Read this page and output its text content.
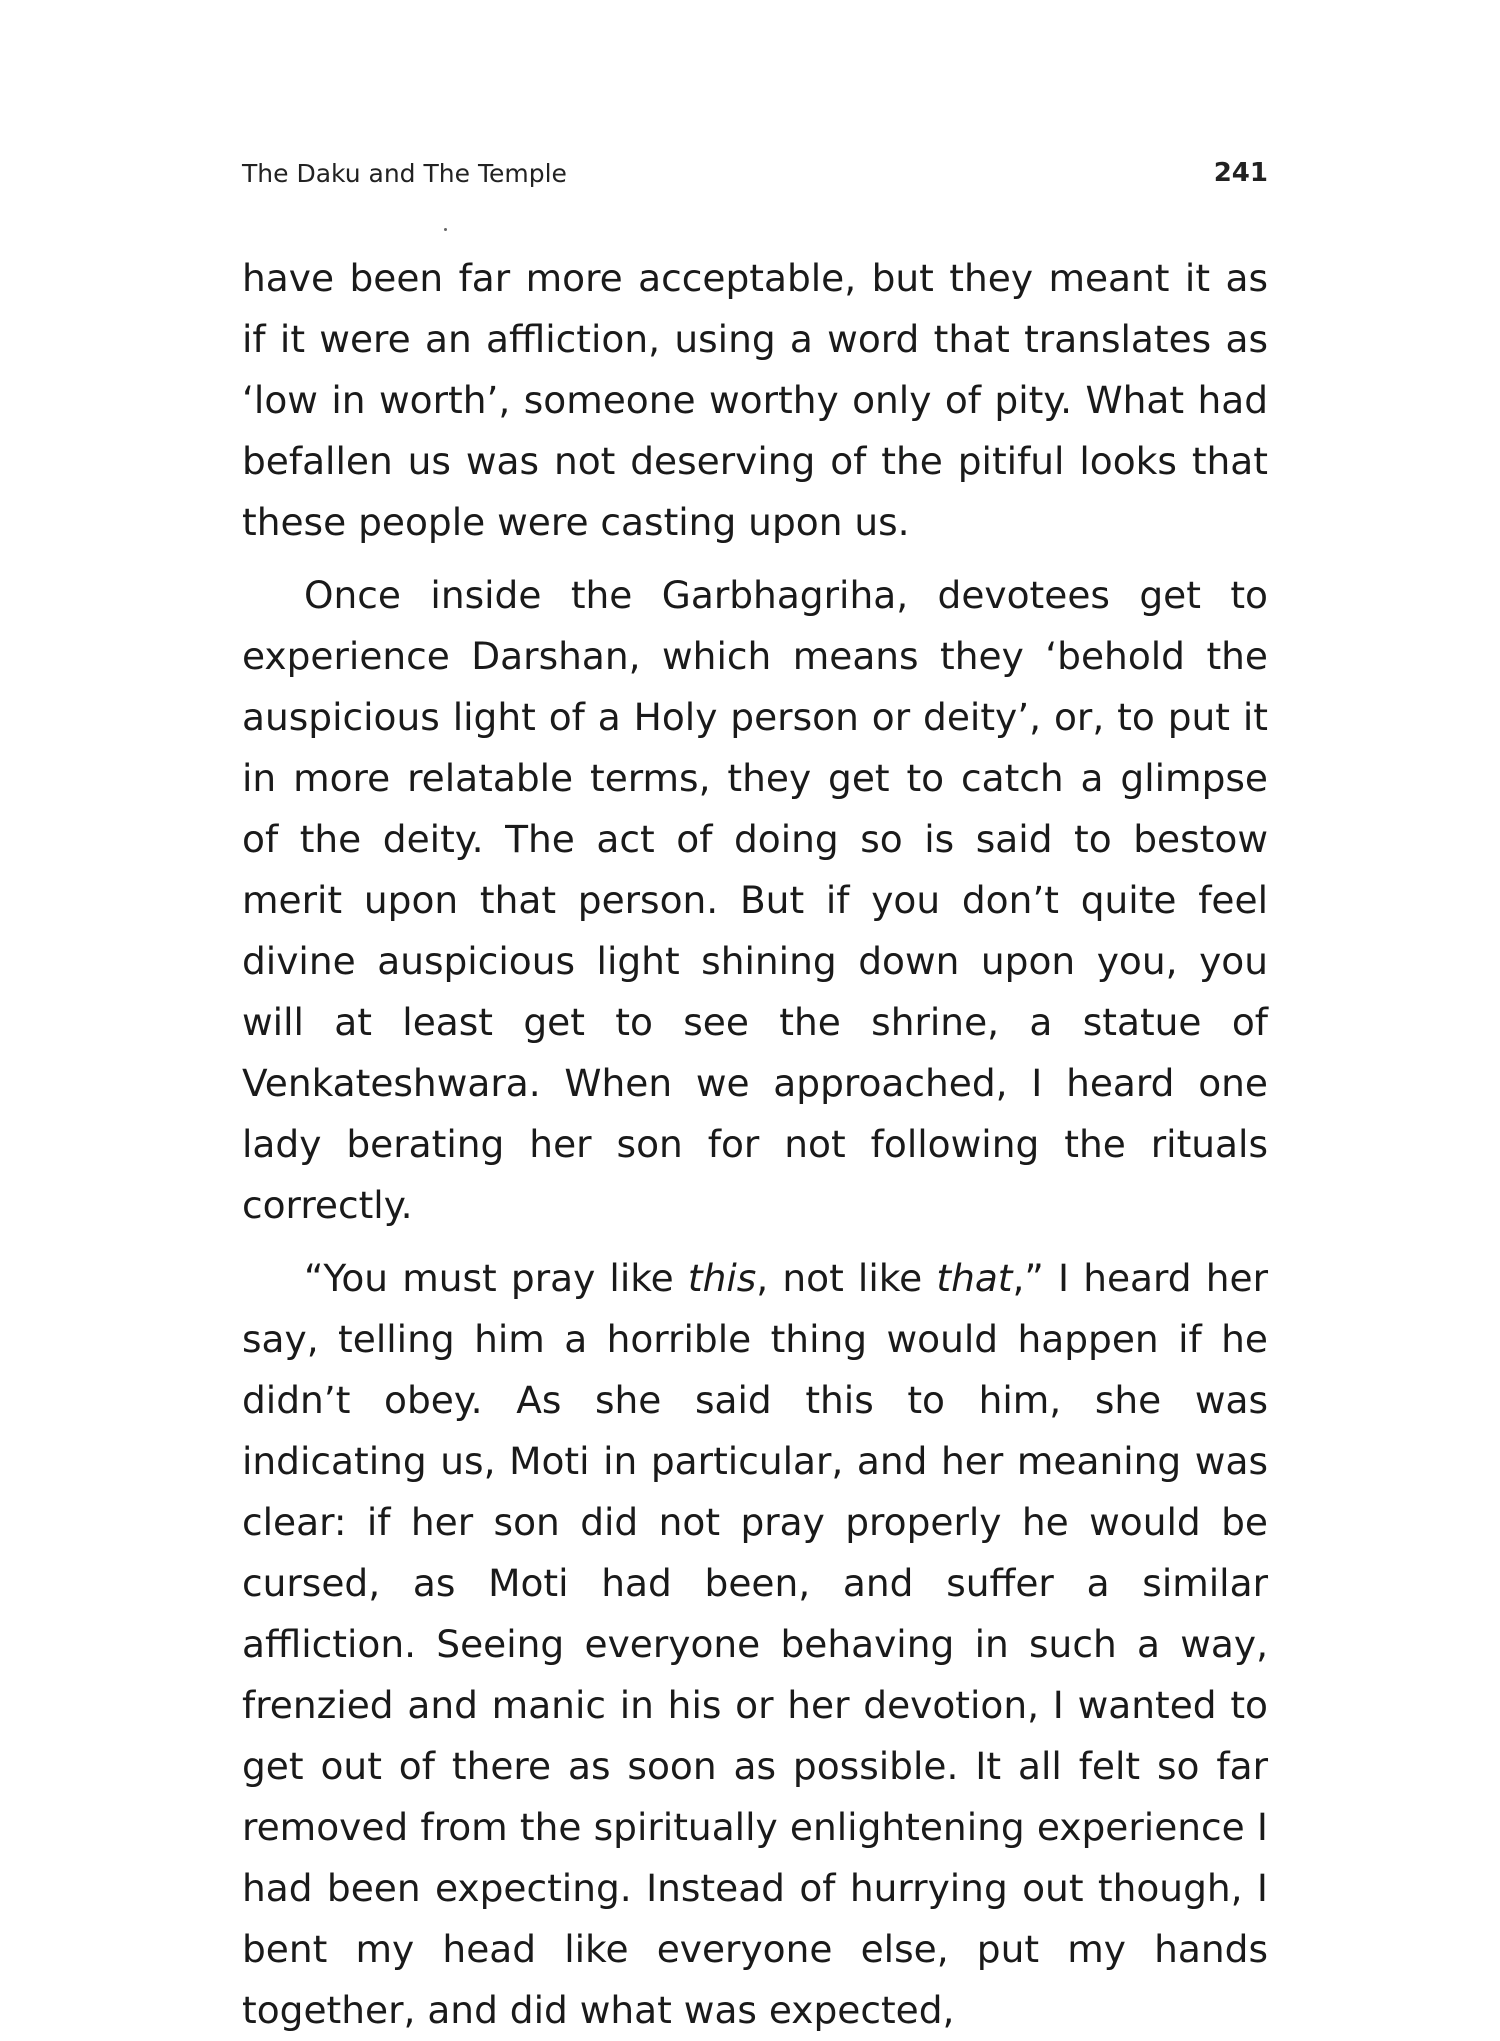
The Daku and The Temple	241

have been far more acceptable, but they meant it as if it were an affliction, using a word that translates as ‘low in worth’, someone worthy only of pity. What had befallen us was not deserving of the pitiful looks that these people were casting upon us.

Once inside the Garbhagriha, devotees get to experience Darshan, which means they ‘behold the auspicious light of a Holy person or deity’, or, to put it in more relatable terms, they get to catch a glimpse of the deity. The act of doing so is said to bestow merit upon that person. But if you don’t quite feel divine auspicious light shining down upon you, you will at least get to see the shrine, a statue of Venkateshwara. When we approached, I heard one lady berating her son for not following the rituals correctly.

“You must pray like this, not like that,” I heard her say, telling him a horrible thing would happen if he didn’t obey. As she said this to him, she was indicating us, Moti in particular, and her meaning was clear: if her son did not pray properly he would be cursed, as Moti had been, and suffer a similar affliction. Seeing everyone behaving in such a way, frenzied and manic in his or her devotion, I wanted to get out of there as soon as possible. It all felt so far removed from the spiritually enlightening experience I had been expecting. Instead of hurrying out though, I bent my head like everyone else, put my hands together, and did what was expected,
